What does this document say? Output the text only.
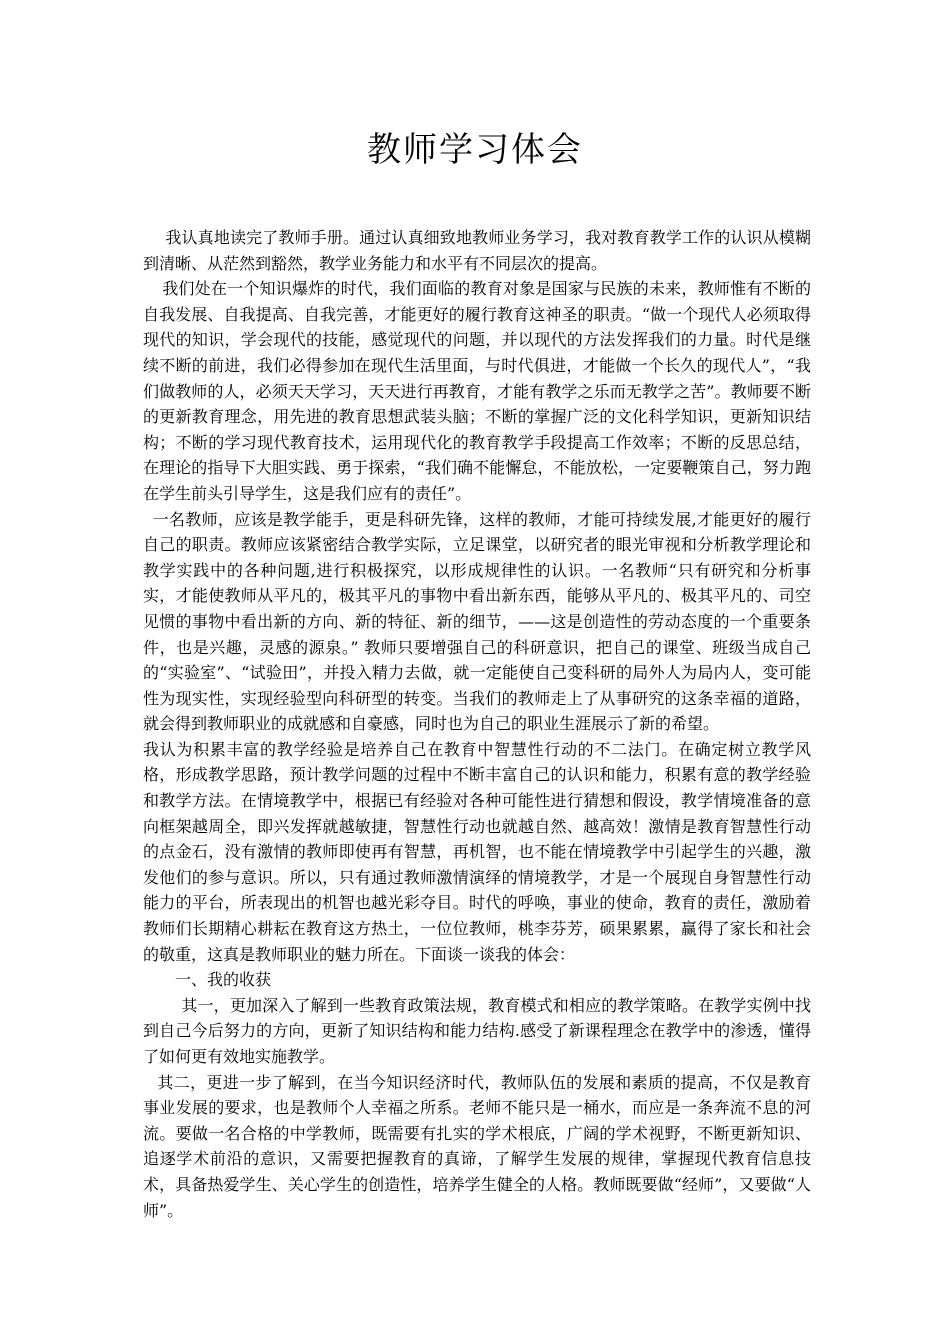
教师学习体会

我认真地读完了教师手册。通过认真细致地教师业务学习，我对教育教学工作的认识从模糊到清晰、从茫然到豁然，教学业务能力和水平有不同层次的提高。

我们处在一个知识爆炸的时代，我们面临的教育对象是国家与民族的未来，教师惟有不断的自我发展、自我提高、自我完善，才能更好的履行教育这神圣的职责。“做一个现代人必须取得现代的知识，学会现代的技能，感觉现代的问题，并以现代的方法发挥我们的力量。时代是继续不断的前进，我们必得参加在现代生活里面，与时代俱进，才能做一个长久的现代人”，“我们做教师的人，必须天天学习，天天进行再教育，才能有教学之乐而无教学之苦”。教师要不断的更新教育理念，用先进的教育思想武装头脑；不断的掌握广泛的文化科学知识，更新知识结构；不断的学习现代教育技术，运用现代化的教育教学手段提高工作效率；不断的反思总结，在理论的指导下大胆实践、勇于探索，“我们确不能懈怠，不能放松，一定要鞭策自己，努力跑在学生前头引导学生，这是我们应有的责任”。

一名教师，应该是教学能手，更是科研先锋，这样的教师，才能可持续发展,才能更好的履行自己的职责。教师应该紧密结合教学实际，立足课堂，以研究者的眼光审视和分析教学理论和教学实践中的各种问题,进行积极探究，以形成规律性的认识。一名教师“只有研究和分析事实，才能使教师从平凡的，极其平凡的事物中看出新东西，能够从平凡的、极其平凡的、司空见惯的事物中看出新的方向、新的特征、新的细节，——这是创造性的劳动态度的一个重要条件，也是兴趣，灵感的源泉。” 教师只要增强自己的科研意识，把自己的课堂、班级当成自己的“实验室”、“试验田”，并投入精力去做，就一定能使自己变科研的局外人为局内人，变可能性为现实性，实现经验型向科研型的转变。当我们的教师走上了从事研究的这条幸福的道路，就会得到教师职业的成就感和自豪感，同时也为自己的职业生涯展示了新的希望。

我认为积累丰富的教学经验是培养自己在教育中智慧性行动的不二法门。在确定树立教学风格，形成教学思路，预计教学问题的过程中不断丰富自己的认识和能力，积累有意的教学经验和教学方法。在情境教学中，根据已有经验对各种可能性进行猜想和假设，教学情境准备的意向框架越周全，即兴发挥就越敏捷，智慧性行动也就越自然、越高效！激情是教育智慧性行动的点金石，没有激情的教师即使再有智慧，再机智，也不能在情境教学中引起学生的兴趣，激发他们的参与意识。所以，只有通过教师激情演绎的情境教学，才是一个展现自身智慧性行动能力的平台，所表现出的机智也越光彩夺目。时代的呼唤，事业的使命，教育的责任，激励着教师们长期精心耕耘在教育这方热土，一位位教师，桃李芬芳，硕果累累，赢得了家长和社会的敬重，这真是教师职业的魅力所在。下面谈一谈我的体会：

一、我的收获

其一，更加深入了解到一些教育政策法规，教育模式和相应的教学策略。在教学实例中找到自己今后努力的方向，更新了知识结构和能力结构.感受了新课程理念在教学中的渗透，懂得了如何更有效地实施教学。

其二，更进一步了解到，在当今知识经济时代，教师队伍的发展和素质的提高，不仅是教育事业发展的要求，也是教师个人幸福之所系。老师不能只是一桶水，而应是一条奔流不息的河流。要做一名合格的中学教师，既需要有扎实的学术根底，广阔的学术视野，不断更新知识、追逐学术前沿的意识，又需要把握教育的真谛，了解学生发展的规律，掌握现代教育信息技术，具备热爱学生、关心学生的创造性，培养学生健全的人格。教师既要做“经师”，又要做“人师”。
